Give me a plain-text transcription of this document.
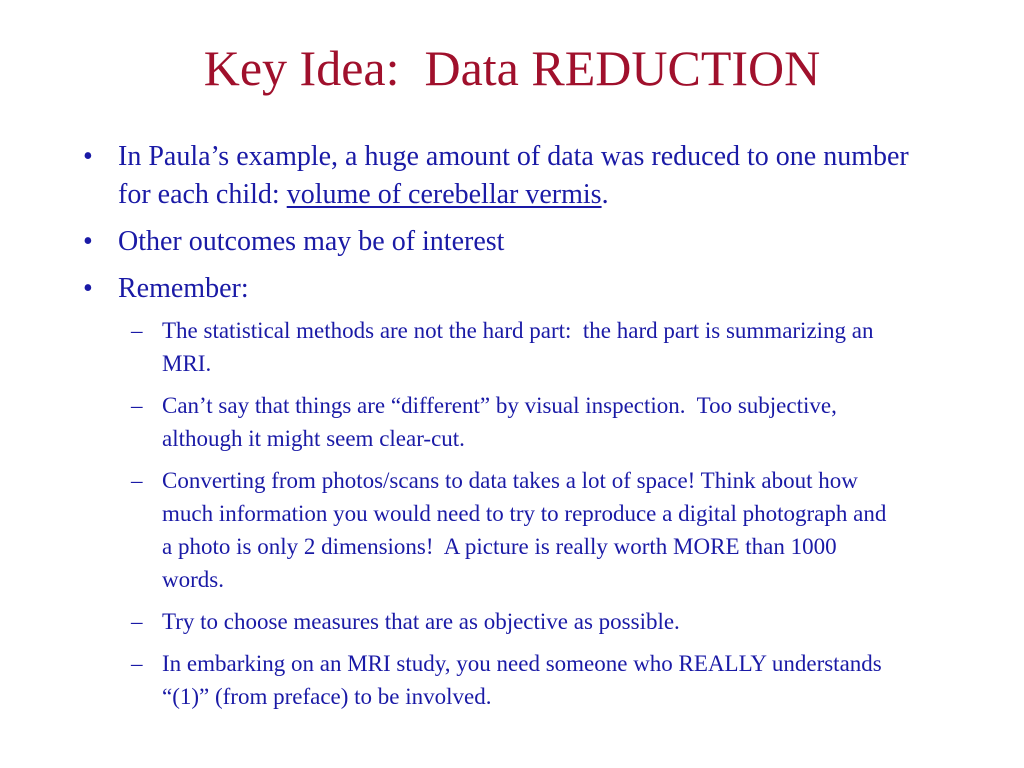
Key Idea:  Data REDUCTION
• In Paula’s example, a huge amount of data was reduced to one number for each child: volume of cerebellar vermis.
• Other outcomes may be of interest
• Remember:
– The statistical methods are not the hard part:  the hard part is summarizing an MRI.
– Can’t say that things are “different” by visual inspection.  Too subjective, although it might seem clear-cut.
– Converting from photos/scans to data takes a lot of space! Think about how much information you would need to try to reproduce a digital photograph and a photo is only 2 dimensions!  A picture is really worth MORE than 1000 words.
– Try to choose measures that are as objective as possible.
– In embarking on an MRI study, you need someone who REALLY understands “(1)” (from preface) to be involved.
